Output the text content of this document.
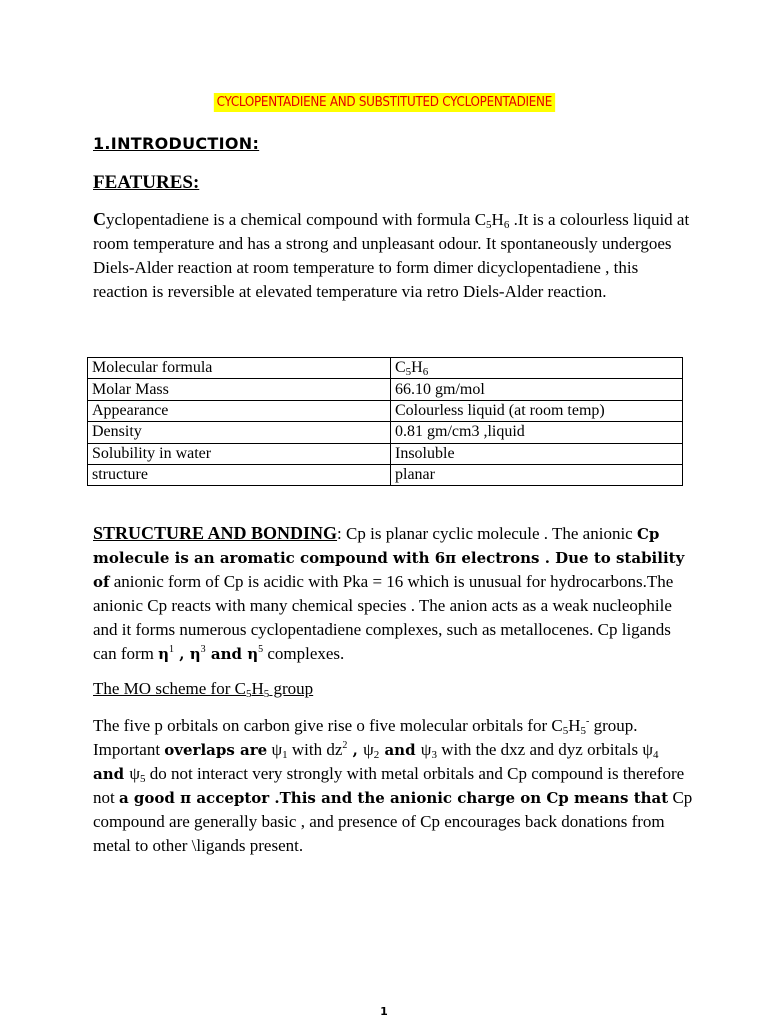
CYCLOPENTADIENE AND SUBSTITUTED CYCLOPENTADIENE
1.INTRODUCTION:
FEATURES:
Cyclopentadiene is a chemical compound with formula $C_5H_6$ .It is a colourless liquid at room temperature and has a strong and unpleasant odour. It spontaneously undergoes Diels-Alder reaction at room temperature to form dimer dicyclopentadiene , this reaction is reversible at elevated temperature via retro Diels-Alder reaction.
Molecular formula	$C_5H_6$
Molar Mass	66.10 gm/mol
Appearance	Colourless liquid (at room temp)
Density	0.81 gm/cm3 ,liquid
Solubility in water	Insoluble
structure	planar
STRUCTURE AND BONDING: Cp is planar cyclic molecule . The anionic Cp molecule is an aromatic compound with 6π electrons . Due to stability of anionic form of Cp is acidic with Pka = 16 which is unusual for hydrocarbons.The anionic Cp reacts with many chemical species . The anion acts as a weak nucleophile and it forms numerous cyclopentadiene complexes, such as metallocenes. Cp ligands can form $\eta^1$ , $\eta^3$ and $\eta^5$ complexes.
The MO scheme for $C_5H_5$ group
The five p orbitals on carbon give rise o five molecular orbitals for $C_5H_5^-$ group. Important overlaps are $\psi_1$ with $dz^2$ , $\psi_2$ and $\psi_3$ with the dxz and dyz orbitals $\psi_4$ and $\psi_5$ do not interact very strongly with metal orbitals and Cp compound is therefore not a good π acceptor .This and the anionic charge on Cp means that Cp compound are generally basic , and presence of Cp encourages back donations from metal to other \ligands present.
1
